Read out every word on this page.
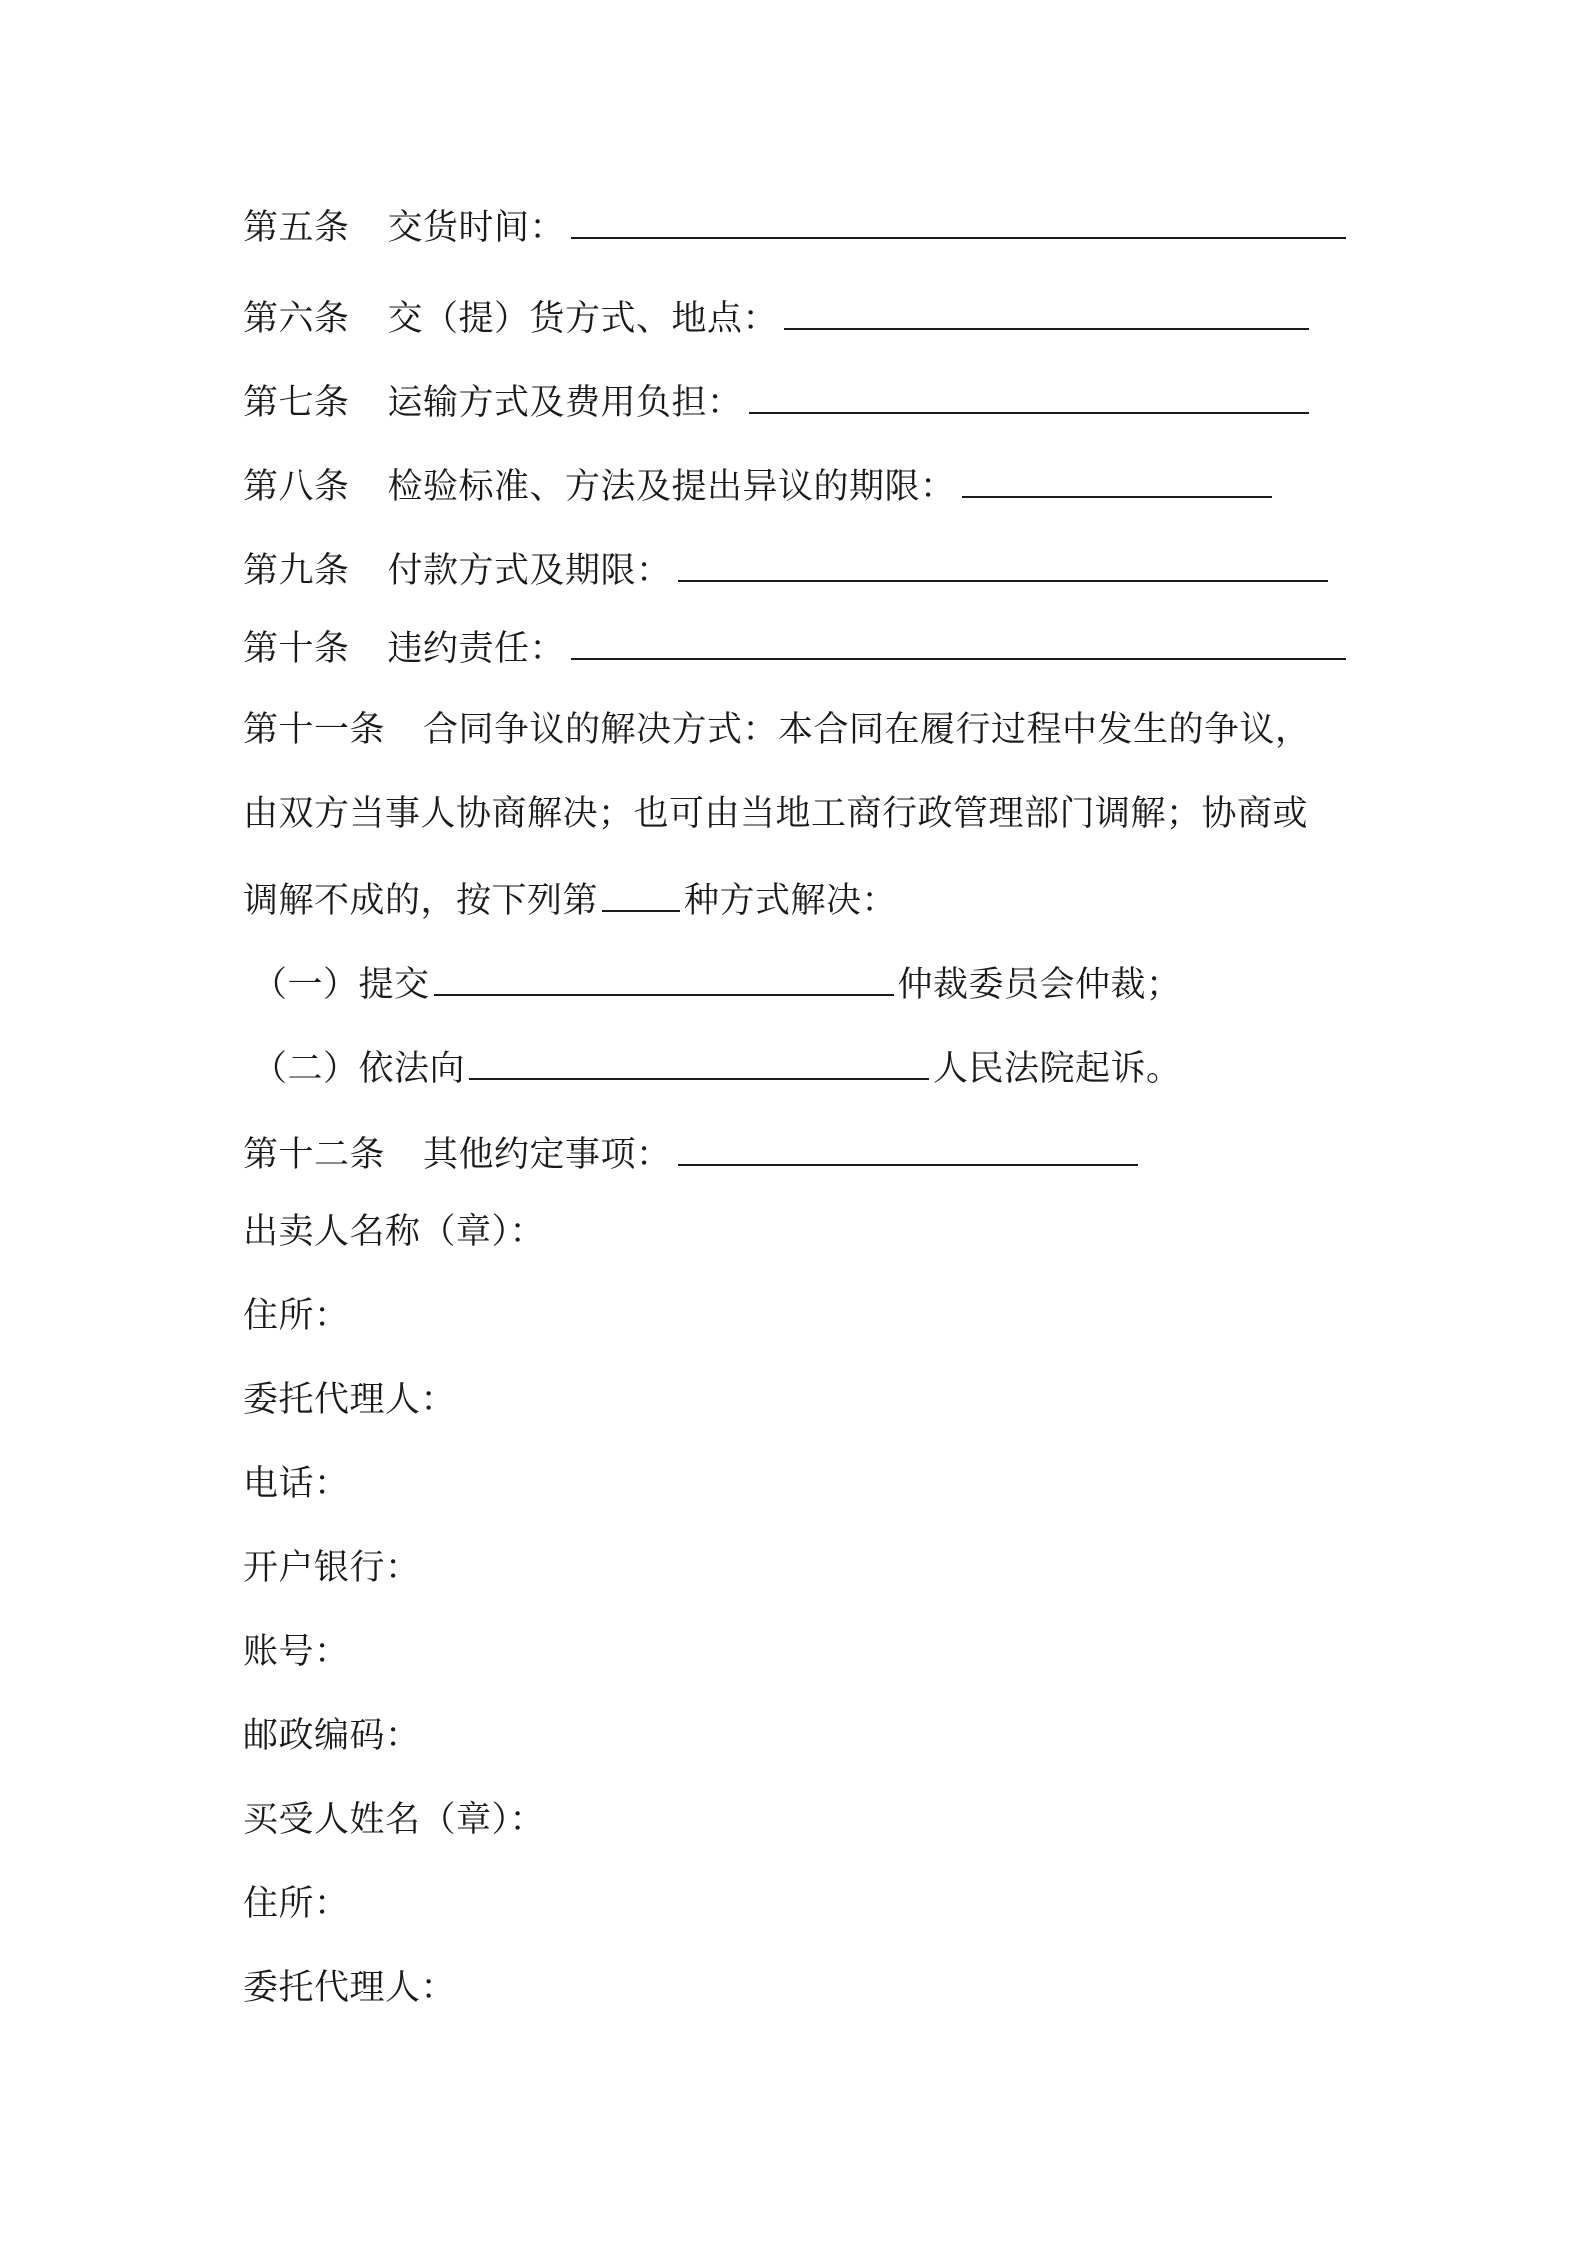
第五条 交货时间：
第六条 交（提）货方式、地点：
第七条 运输方式及费用负担：
第八条 检验标准、方法及提出异议的期限：
第九条 付款方式及期限：
第十条 违约责任：
第十一条 合同争议的解决方式：本合同在履行过程中发生的争议，
由双方当事人协商解决；也可由当地工商行政管理部门调解；协商或
调解不成的，按下列第 种方式解决：
（一）提交	仲裁委员会仲裁；
（二）依法向	人民法院起诉。
第十二条 其他约定事项：
出卖人名称（章）：
住所：
委托代理人：
电话：
开户银行：
账号：
邮政编码：
买受人姓名（章）：
住所：
委托代理人：
